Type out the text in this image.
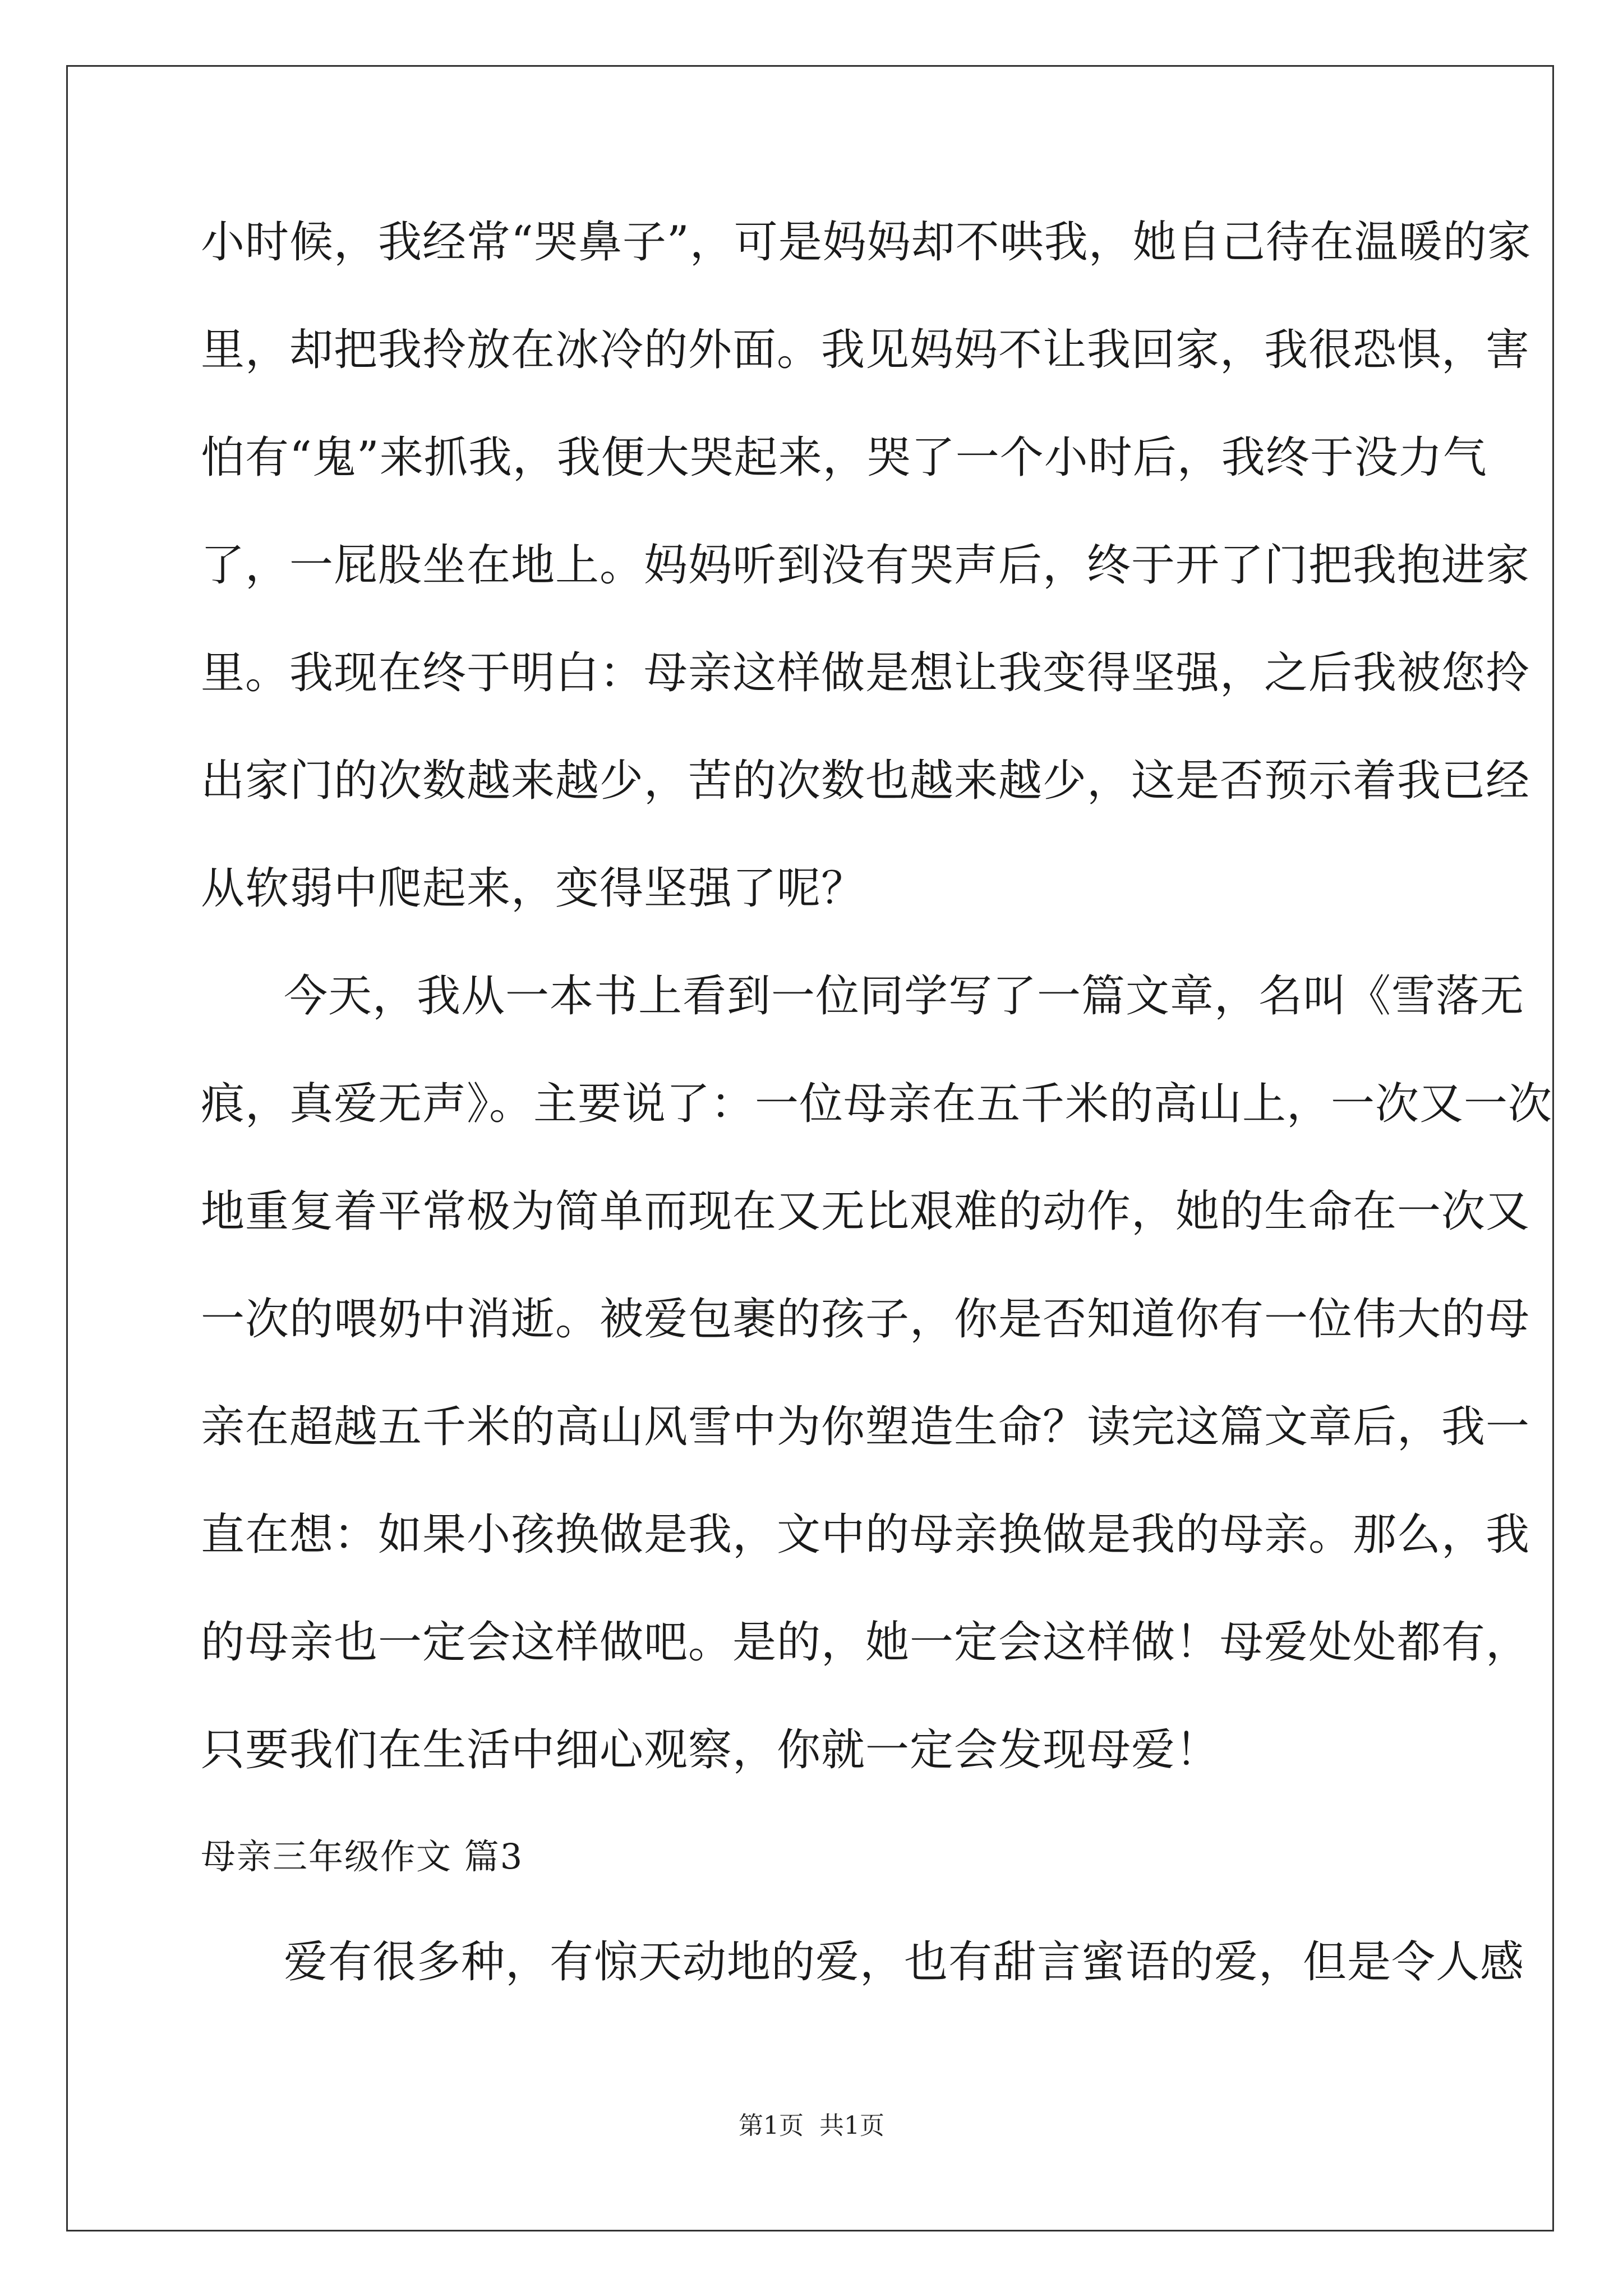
小时候，我经常“哭鼻子”，可是妈妈却不哄我，她自己待在温暖的家
里，却把我拎放在冰冷的外面。我见妈妈不让我回家，我很恐惧，害
怕有“鬼”来抓我，我便大哭起来，哭了一个小时后，我终于没力气
了，一屁股坐在地上。妈妈听到没有哭声后，终于开了门把我抱进家
里。我现在终于明白：母亲这样做是想让我变得坚强，之后我被您拎
出家门的次数越来越少，苦的次数也越来越少，这是否预示着我已经
从软弱中爬起来，变得坚强了呢？
今天，我从一本书上看到一位同学写了一篇文章，名叫《雪落无
痕，真爱无声》。主要说了：一位母亲在五千米的高山上，一次又一次
地重复着平常极为简单而现在又无比艰难的动作，她的生命在一次又
一次的喂奶中消逝。被爱包裹的孩子，你是否知道你有一位伟大的母
亲在超越五千米的高山风雪中为你塑造生命？读完这篇文章后，我一
直在想：如果小孩换做是我，文中的母亲换做是我的母亲。那么，我
的母亲也一定会这样做吧。是的，她一定会这样做！母爱处处都有，
只要我们在生活中细心观察，你就一定会发现母爱！
母亲三年级作文 篇3
爱有很多种，有惊天动地的爱，也有甜言蜜语的爱，但是令人感
第1页 共1页
